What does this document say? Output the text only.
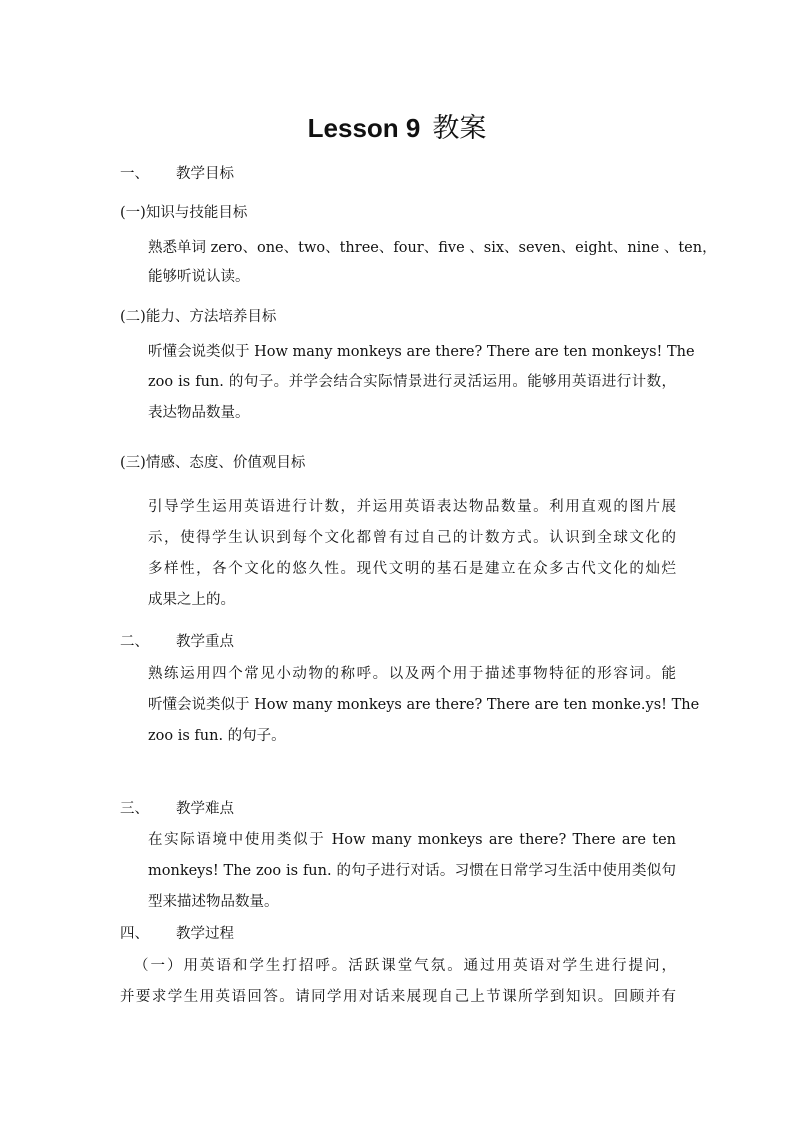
Lesson 9 教案
一、 教学目标
(一)知识与技能目标
熟悉单词 zero、one、two、three、four、five 、six、seven、eight、nine 、ten，
能够听说认读。
(二)能力、方法培养目标
听懂会说类似于 How many monkeys are there? There are ten monkeys! The
zoo is fun. 的句子。并学会结合实际情景进行灵活运用。能够用英语进行计数，
表达物品数量。
(三)情感、态度、价值观目标
引导学生运用英语进行计数，并运用英语表达物品数量。利用直观的图片展
示，使得学生认识到每个文化都曾有过自己的计数方式。认识到全球文化的
多样性，各个文化的悠久性。现代文明的基石是建立在众多古代文化的灿烂
成果之上的。
二、 教学重点
熟练运用四个常见小动物的称呼。以及两个用于描述事物特征的形容词。能
听懂会说类似于 How many monkeys are there? There are ten monke.ys! The
zoo is fun. 的句子。
三、 教学难点
在实际语境中使用类似于 How many monkeys are there? There are ten
monkeys! The zoo is fun. 的句子进行对话。习惯在日常学习生活中使用类似句
型来描述物品数量。
四、 教学过程
（一）用英语和学生打招呼。活跃课堂气氛。通过用英语对学生进行提问，
并要求学生用英语回答。请同学用对话来展现自己上节课所学到知识。回顾并有
